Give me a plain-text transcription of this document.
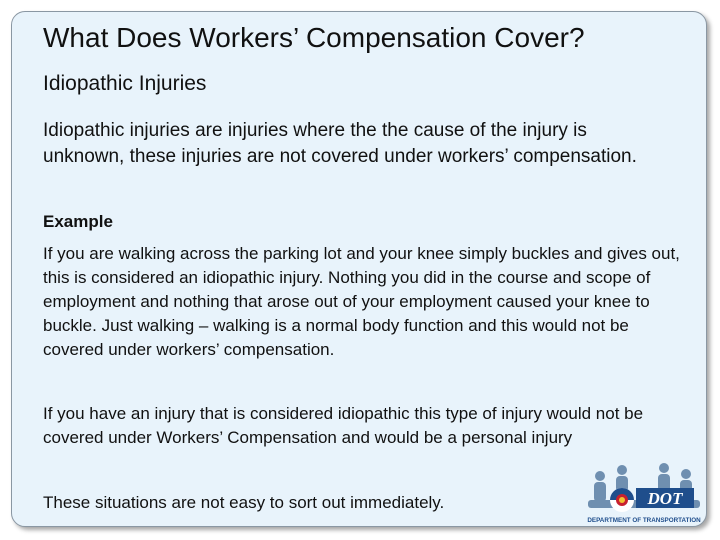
What Does Workers’ Compensation Cover?
Idiopathic Injuries
Idiopathic injuries are injuries where the the cause of the injury is unknown, these injuries are not covered under workers’ compensation.
Example
If you are walking across the parking lot and your knee simply buckles and gives out, this is considered an idiopathic injury. Nothing you did in the course and scope of employment and nothing that arose out of your employment caused your knee to buckle. Just walking – walking is a normal body function and this would not be covered under workers’ compensation.
If you have an injury that is considered idiopathic this type of injury would not be covered under Workers’ Compensation and would be a personal injury
These situations are not easy to sort out immediately.	DOT
DEPARTMENT OF TRANSPORTATION
